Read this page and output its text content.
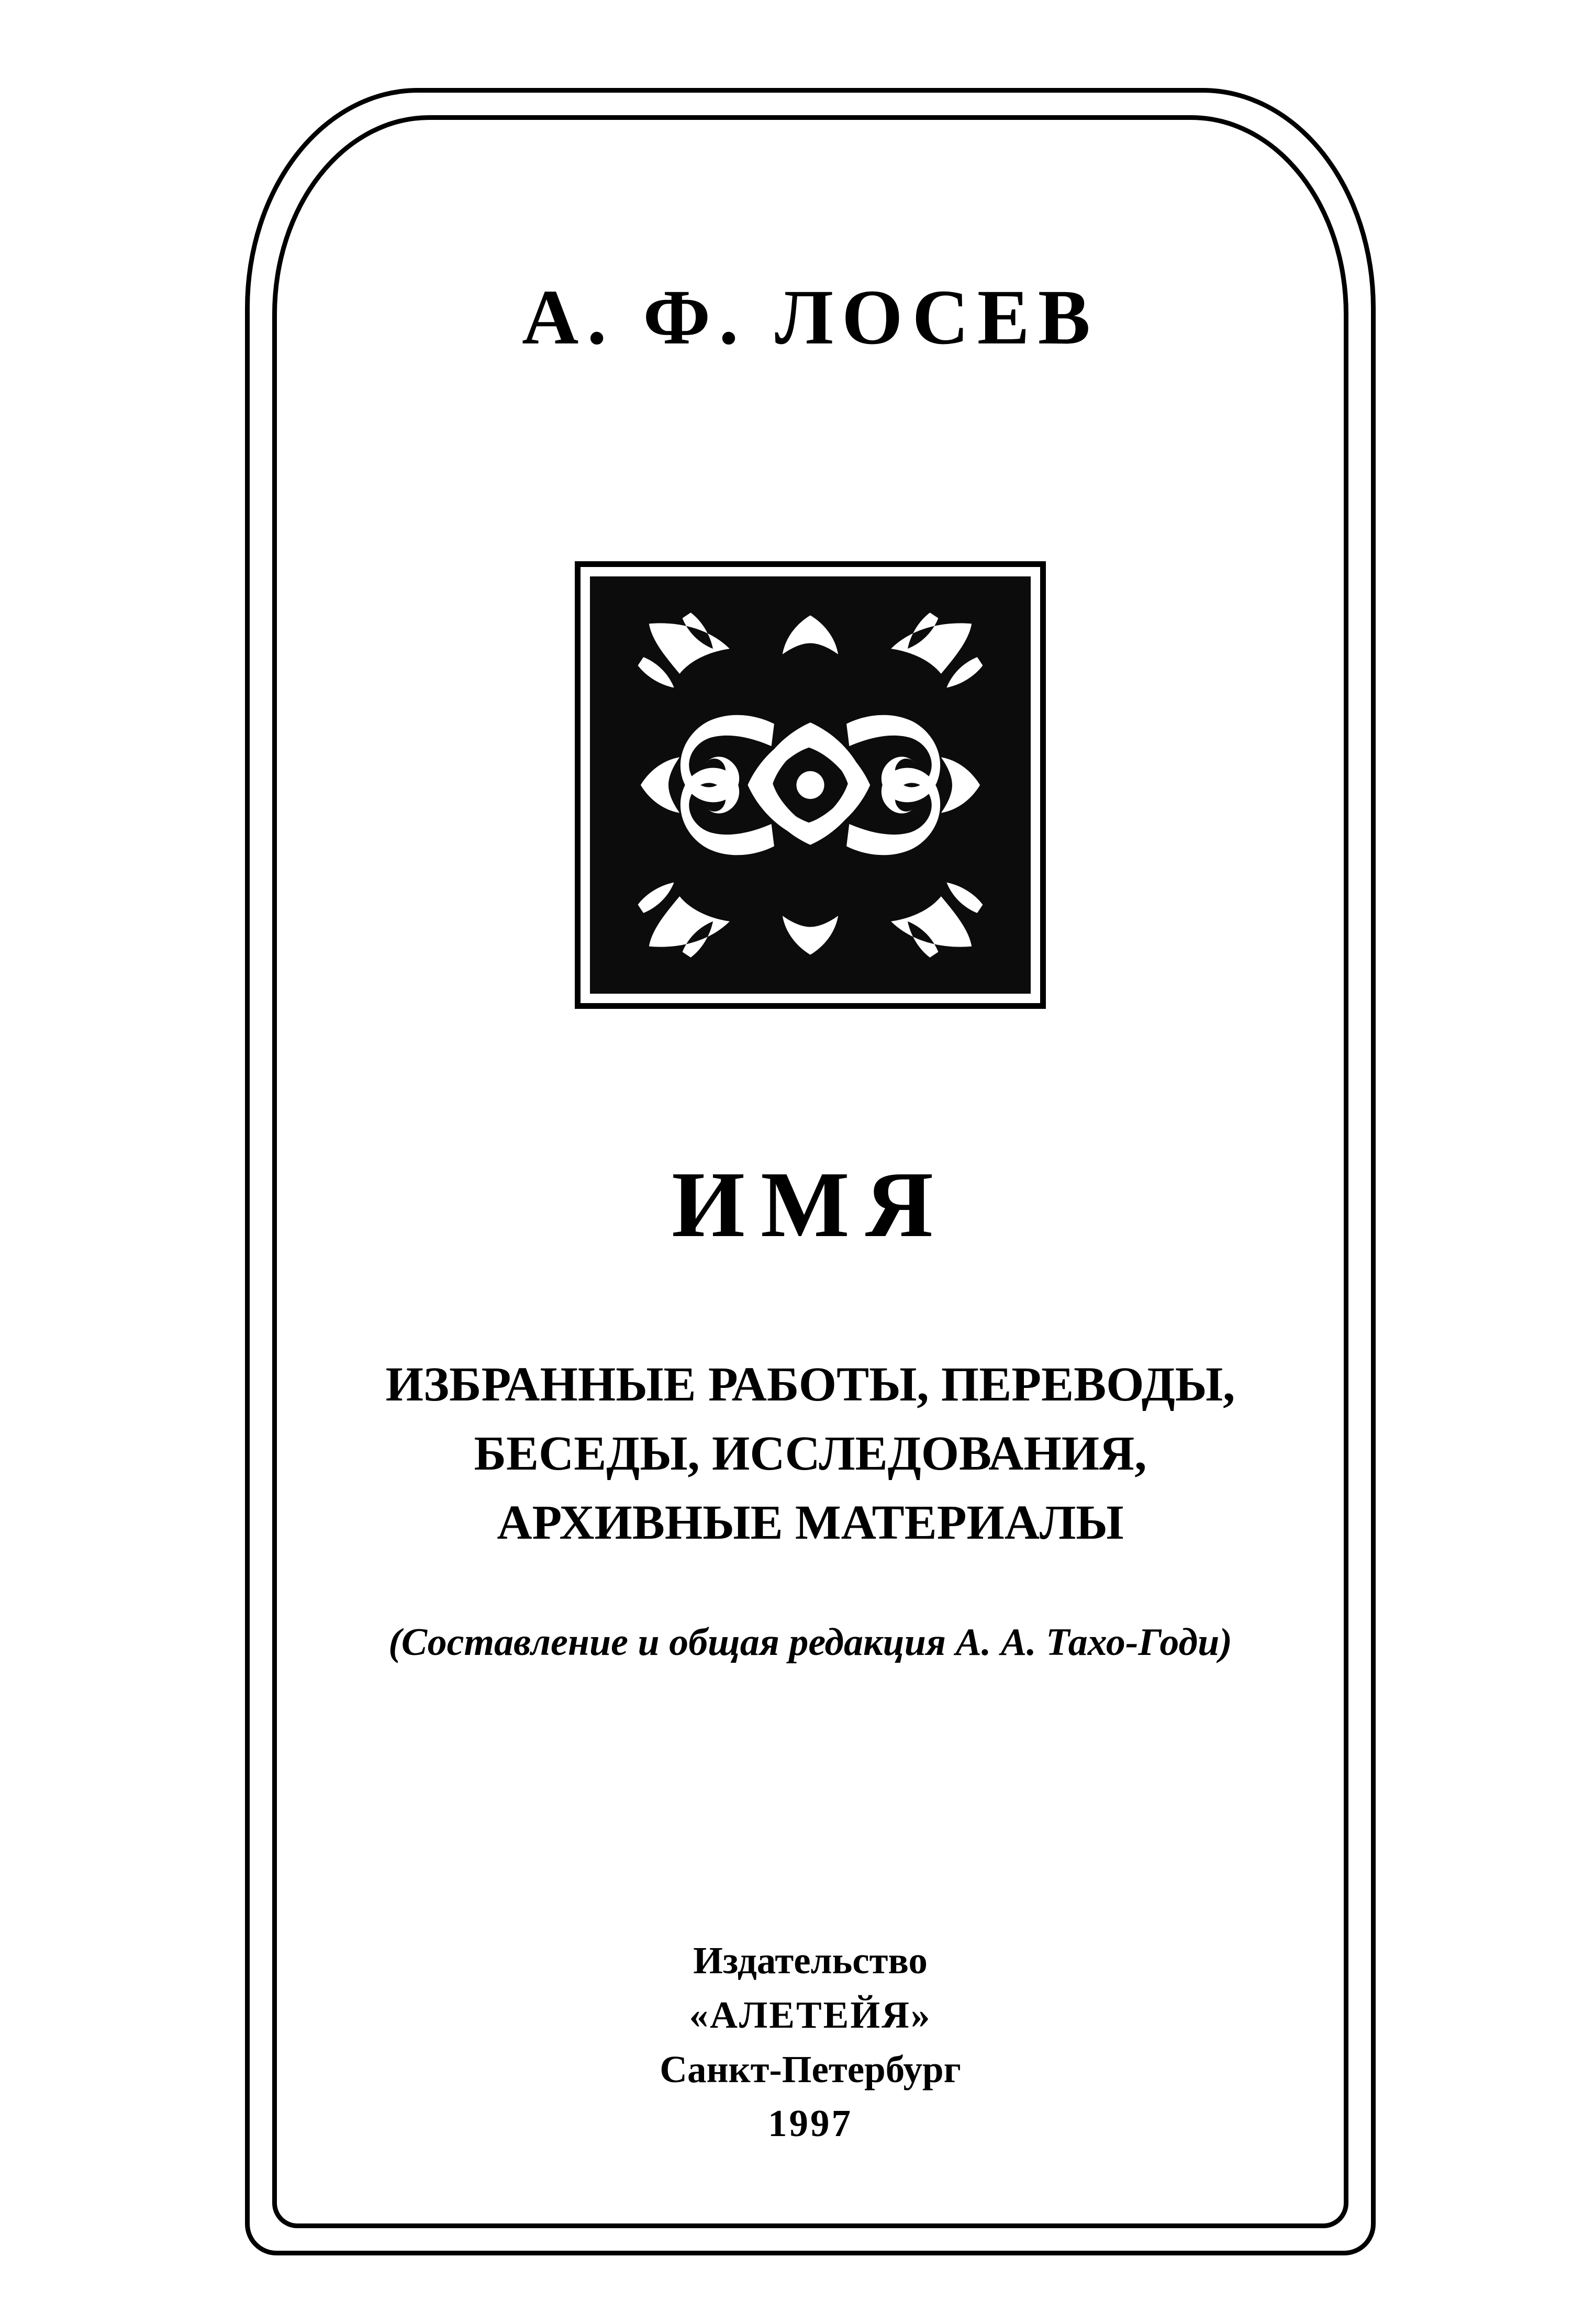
А. Ф. ЛОСЕВ
ИМЯ
ИЗБРАННЫЕ РАБОТЫ, ПЕРЕВОДЫ,
БЕСЕДЫ, ИССЛЕДОВАНИЯ,
АРХИВНЫЕ МАТЕРИАЛЫ
(Составление и общая редакция А. А. Тахо-Годи)
Издательство
«АЛЕТЕЙЯ»
Санкт-Петербург
1997
